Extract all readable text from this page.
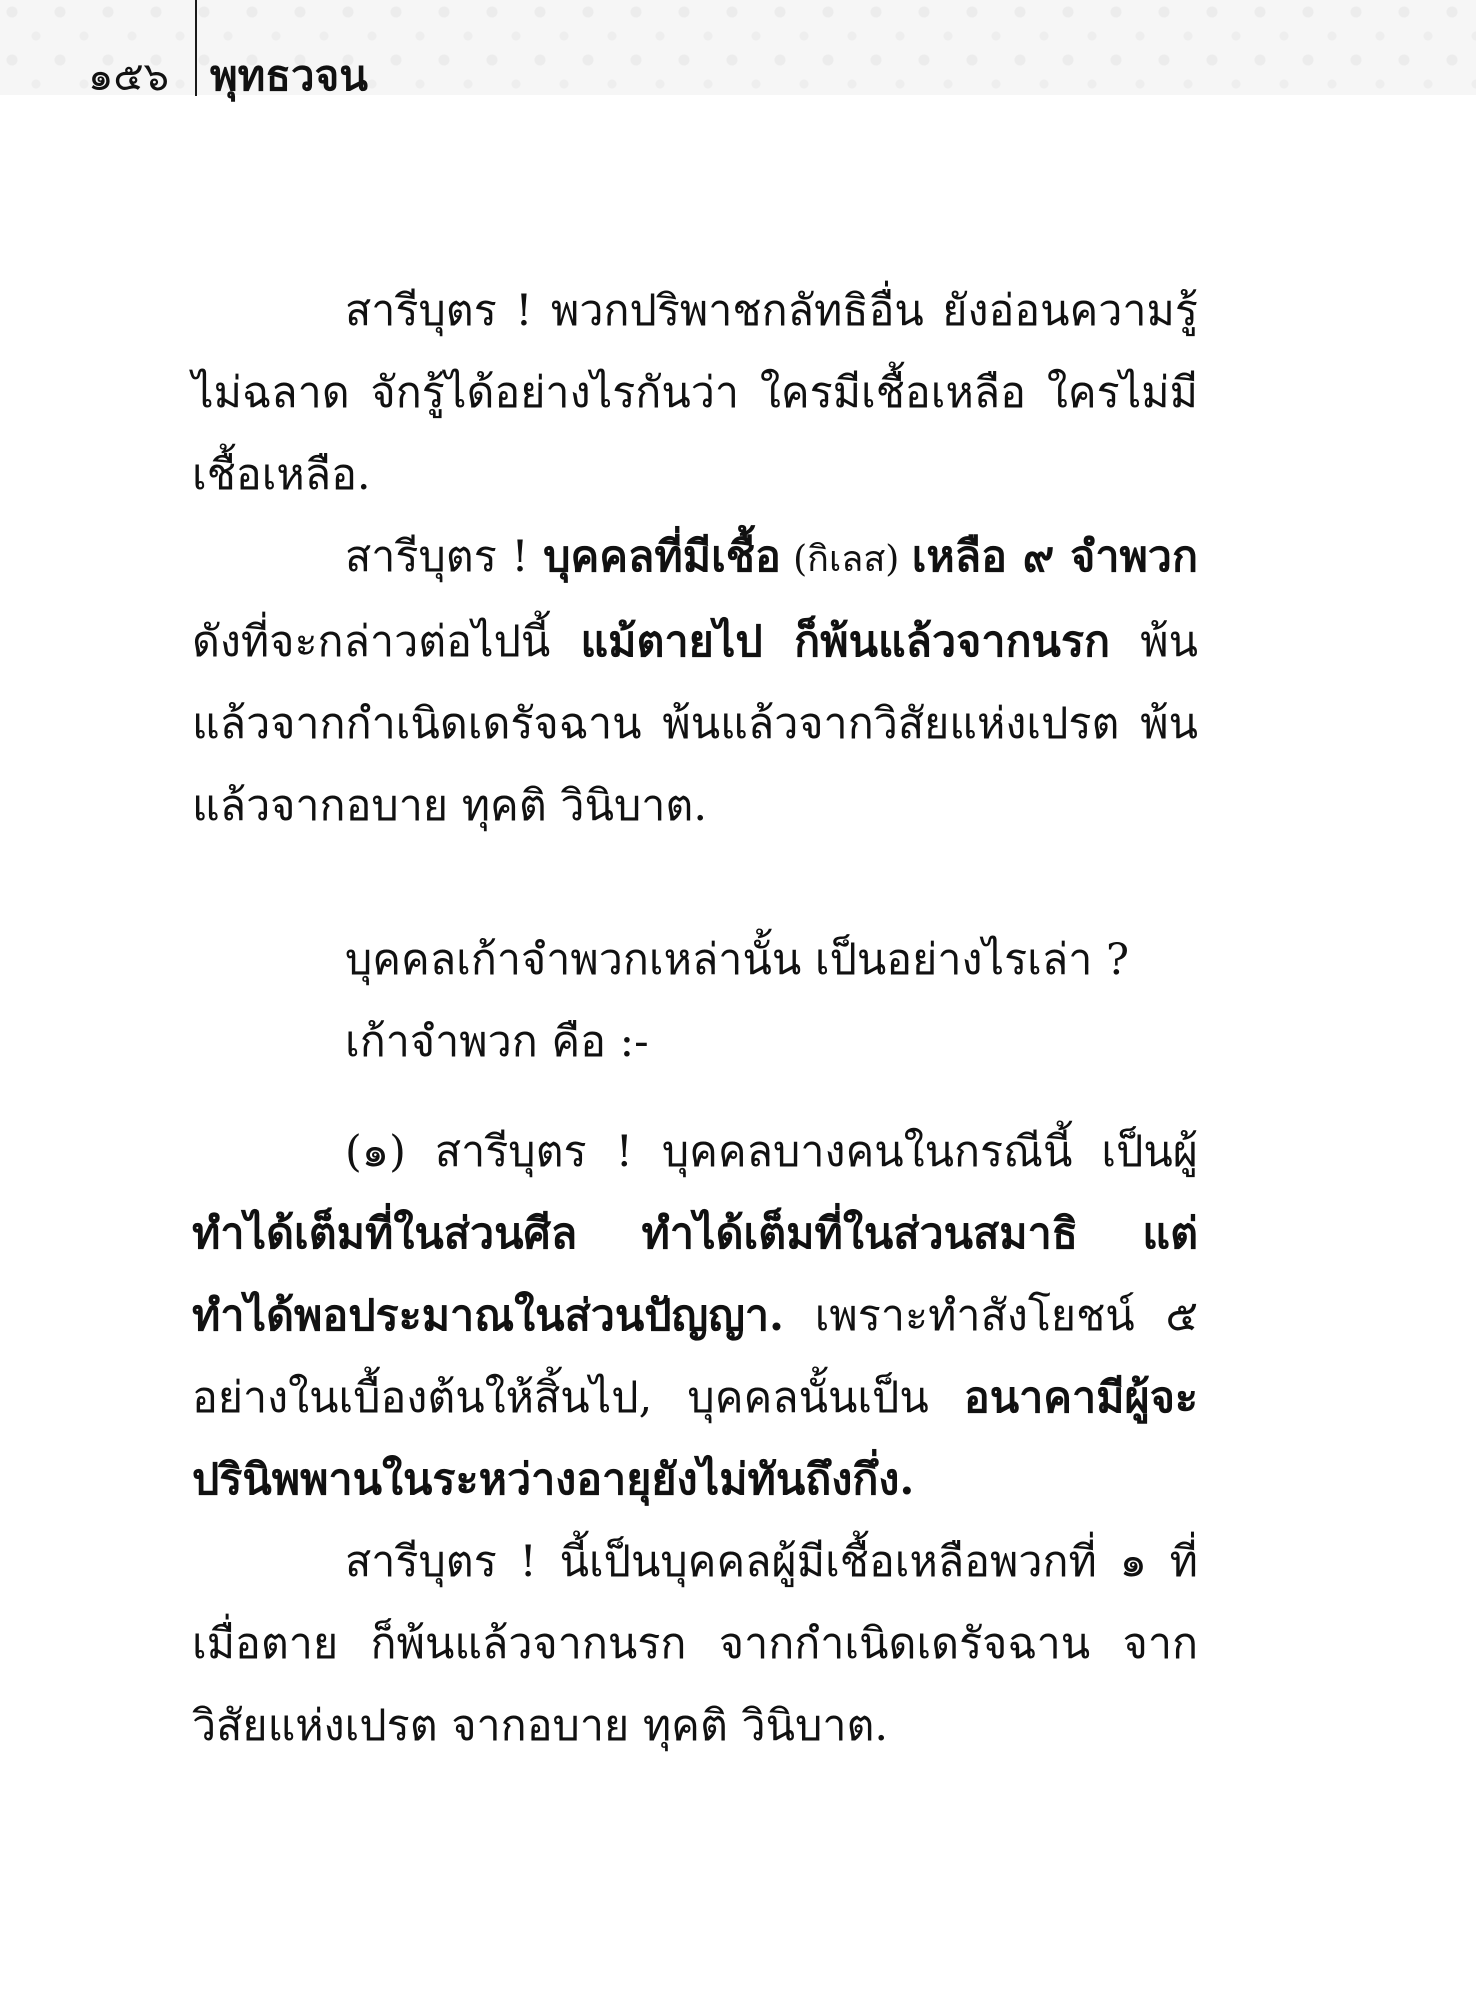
๑๕๖ พุทธวจน

สารีบุตร ! พวกปริพาชกลัทธิอื่น ยังอ่อนความรู้ ไม่ฉลาด จักรู้ได้อย่างไรกันว่า ใครมีเชื้อเหลือ ใครไม่มีเชื้อเหลือ.

สารีบุตร ! บุคคลที่มีเชื้อ (กิเลส) เหลือ ๙ จำพวก ดังที่จะกล่าวต่อไปนี้ แม้ตายไป ก็พ้นแล้วจากนรก พ้นแล้วจากกำเนิดเดรัจฉาน พ้นแล้วจากวิสัยแห่งเปรต พ้นแล้วจากอบาย ทุคติ วินิบาต.

บุคคลเก้าจำพวกเหล่านั้น เป็นอย่างไรเล่า ?

เก้าจำพวก คือ :-

(๑) สารีบุตร ! บุคคลบางคนในกรณีนี้ เป็นผู้ ทำได้เต็มที่ในส่วนศีล ทำได้เต็มที่ในส่วนสมาธิ แต่ทำได้พอประมาณในส่วนปัญญา. เพราะทำสังโยชน์ ๕ อย่างในเบื้องต้นให้สิ้นไป, บุคคลนั้นเป็น อนาคามีผู้จะปรินิพพานในระหว่างอายุยังไม่ทันถึงกึ่ง.

สารีบุตร ! นี้เป็นบุคคลผู้มีเชื้อเหลือพวกที่ ๑ ที่เมื่อตาย ก็พ้นแล้วจากนรก จากกำเนิดเดรัจฉาน จากวิสัยแห่งเปรต จากอบาย ทุคติ วินิบาต.
